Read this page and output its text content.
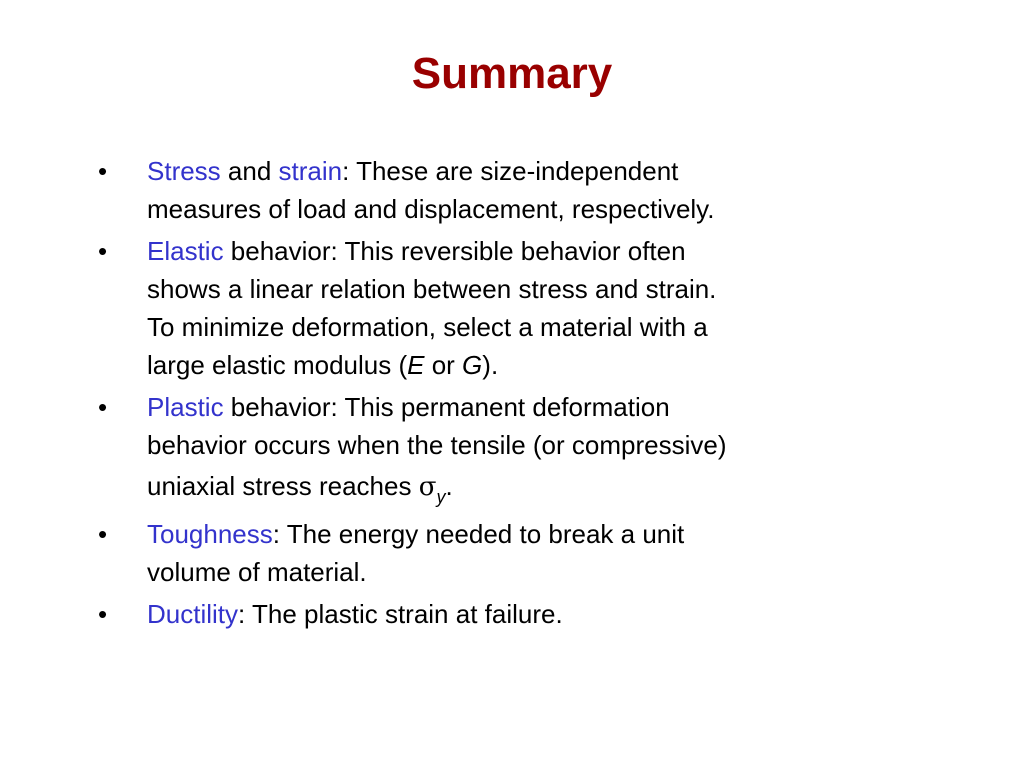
Summary
•	Stress and strain: These are size-independent
measures of load and displacement, respectively.
•	Elastic behavior: This reversible behavior often
shows a linear relation between stress and strain.
To minimize deformation, select a material with a
large elastic modulus (E or G).
•	Plastic behavior: This permanent deformation
behavior occurs when the tensile (or compressive)
uniaxial stress reaches $\sigma_y$.
•	Toughness: The energy needed to break a unit
volume of material.
•	Ductility: The plastic strain at failure.
